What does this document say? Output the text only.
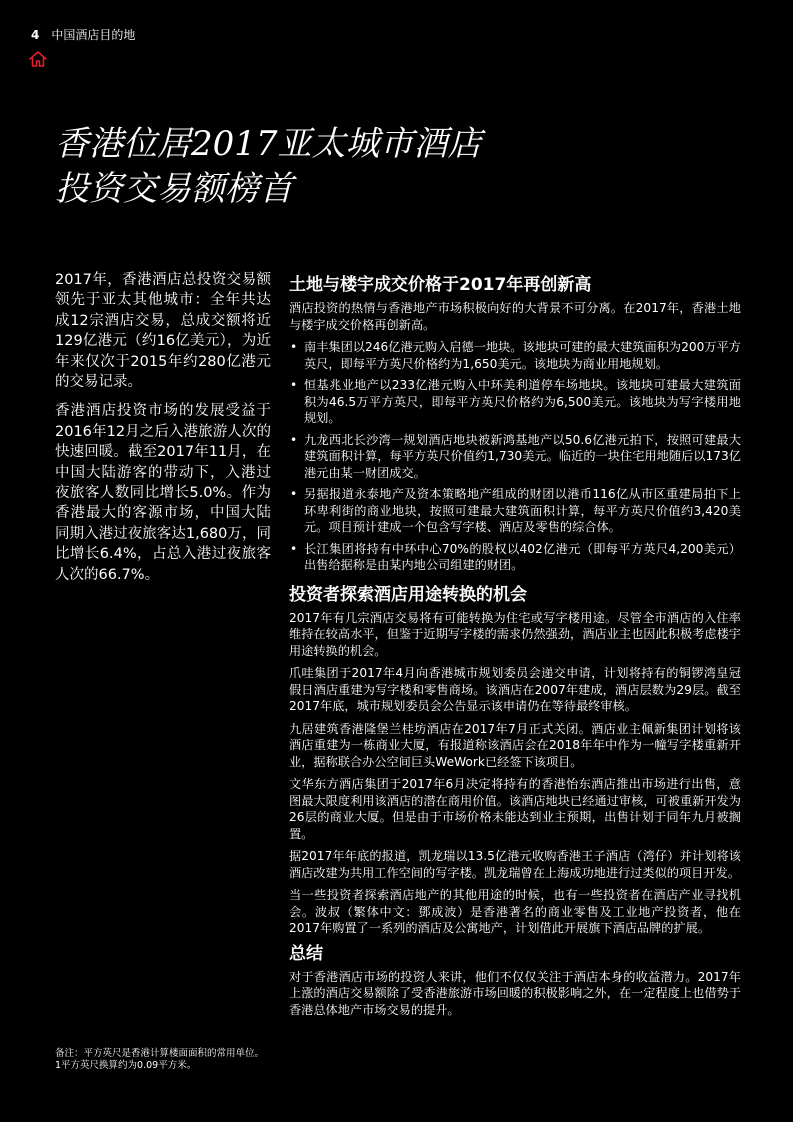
4 中国酒店目的地
香港位居2017亚太城市酒店
投资交易额榜首

2017年，香港酒店总投资交易额领先于亚太其他城市：全年共达成12宗酒店交易，总成交额将近129亿港元（约16亿美元），为近年来仅次于2015年约280亿港元的交易记录。

香港酒店投资市场的发展受益于2016年12月之后入港旅游人次的快速回暖。截至2017年11月，在中国大陆游客的带动下，入港过夜旅客人数同比增长5.0%。作为香港最大的客源市场，中国大陆同期入港过夜旅客达1,680万，同比增长6.4%，占总入港过夜旅客人次的66.7%。

备注：平方英尺是香港计算楼面面积的常用单位。
1平方英尺换算约为0.09平方米。
土地与楼宇成交价格于2017年再创新高

酒店投资的热情与香港地产市场积极向好的大背景不可分离。在2017年，香港土地与楼宇成交价格再创新高。

• 南丰集团以246亿港元购入启德一地块。该地块可建的最大建筑面积为200万平方英尺，即每平方英尺价格约为1,650美元。该地块为商业用地规划。
• 恒基兆业地产以233亿港元购入中环美利道停车场地块。该地块可建最大建筑面积为46.5万平方英尺，即每平方英尺价格约为6,500美元。该地块为写字楼用地规划。
• 九龙西北长沙湾一规划酒店地块被新鸿基地产以50.6亿港元拍下，按照可建最大建筑面积计算，每平方英尺价值约1,730美元。临近的一块住宅用地随后以173亿港元由某一财团成交。
• 另据报道永泰地产及资本策略地产组成的财团以港币116亿从市区重建局拍下上环卑利街的商业地块，按照可建最大建筑面积计算，每平方英尺价值约3,420美元。项目预计建成一个包含写字楼、酒店及零售的综合体。
• 长江集团将持有中环中心70%的股权以402亿港元（即每平方英尺4,200美元）出售给据称是由某内地公司组建的财团。
投资者探索酒店用途转换的机会

2017年有几宗酒店交易将有可能转换为住宅或写字楼用途。尽管全市酒店的入住率维持在较高水平，但鉴于近期写字楼的需求仍然强劲，酒店业主也因此积极考虑楼宇用途转换的机会。

爪哇集团于2017年4月向香港城市规划委员会递交申请，计划将持有的铜锣湾皇冠假日酒店重建为写字楼和零售商场。该酒店在2007年建成，酒店层数为29层。截至2017年底，城市规划委员会公告显示该申请仍在等待最终审核。

九居建筑香港隆堡兰桂坊酒店在2017年7月正式关闭。酒店业主佩新集团计划将该酒店重建为一栋商业大厦，有报道称该酒店会在2018年年中作为一幢写字楼重新开业，据称联合办公空间巨头WeWork已经签下该项目。

文华东方酒店集团于2017年6月决定将持有的香港怡东酒店推出市场进行出售，意图最大限度利用该酒店的潜在商用价值。该酒店地块已经通过审核，可被重新开发为26层的商业大厦。但是由于市场价格未能达到业主预期，出售计划于同年九月被搁置。

据2017年年底的报道，凯龙瑞以13.5亿港元收购香港王子酒店（湾仔）并计划将该酒店改建为共用工作空间的写字楼。凯龙瑞曾在上海成功地进行过类似的项目开发。

当一些投资者探索酒店地产的其他用途的时候，也有一些投资者在酒店产业寻找机会。波叔（繁体中文：鄧成波）是香港著名的商业零售及工业地产投资者，他在2017年购置了一系列的酒店及公寓地产，计划借此开展旗下酒店品牌的扩展。

总结

对于香港酒店市场的投资人来讲，他们不仅仅关注于酒店本身的收益潜力。2017年上涨的酒店交易额除了受香港旅游市场回暖的积极影响之外，在一定程度上也借势于香港总体地产市场交易的提升。
